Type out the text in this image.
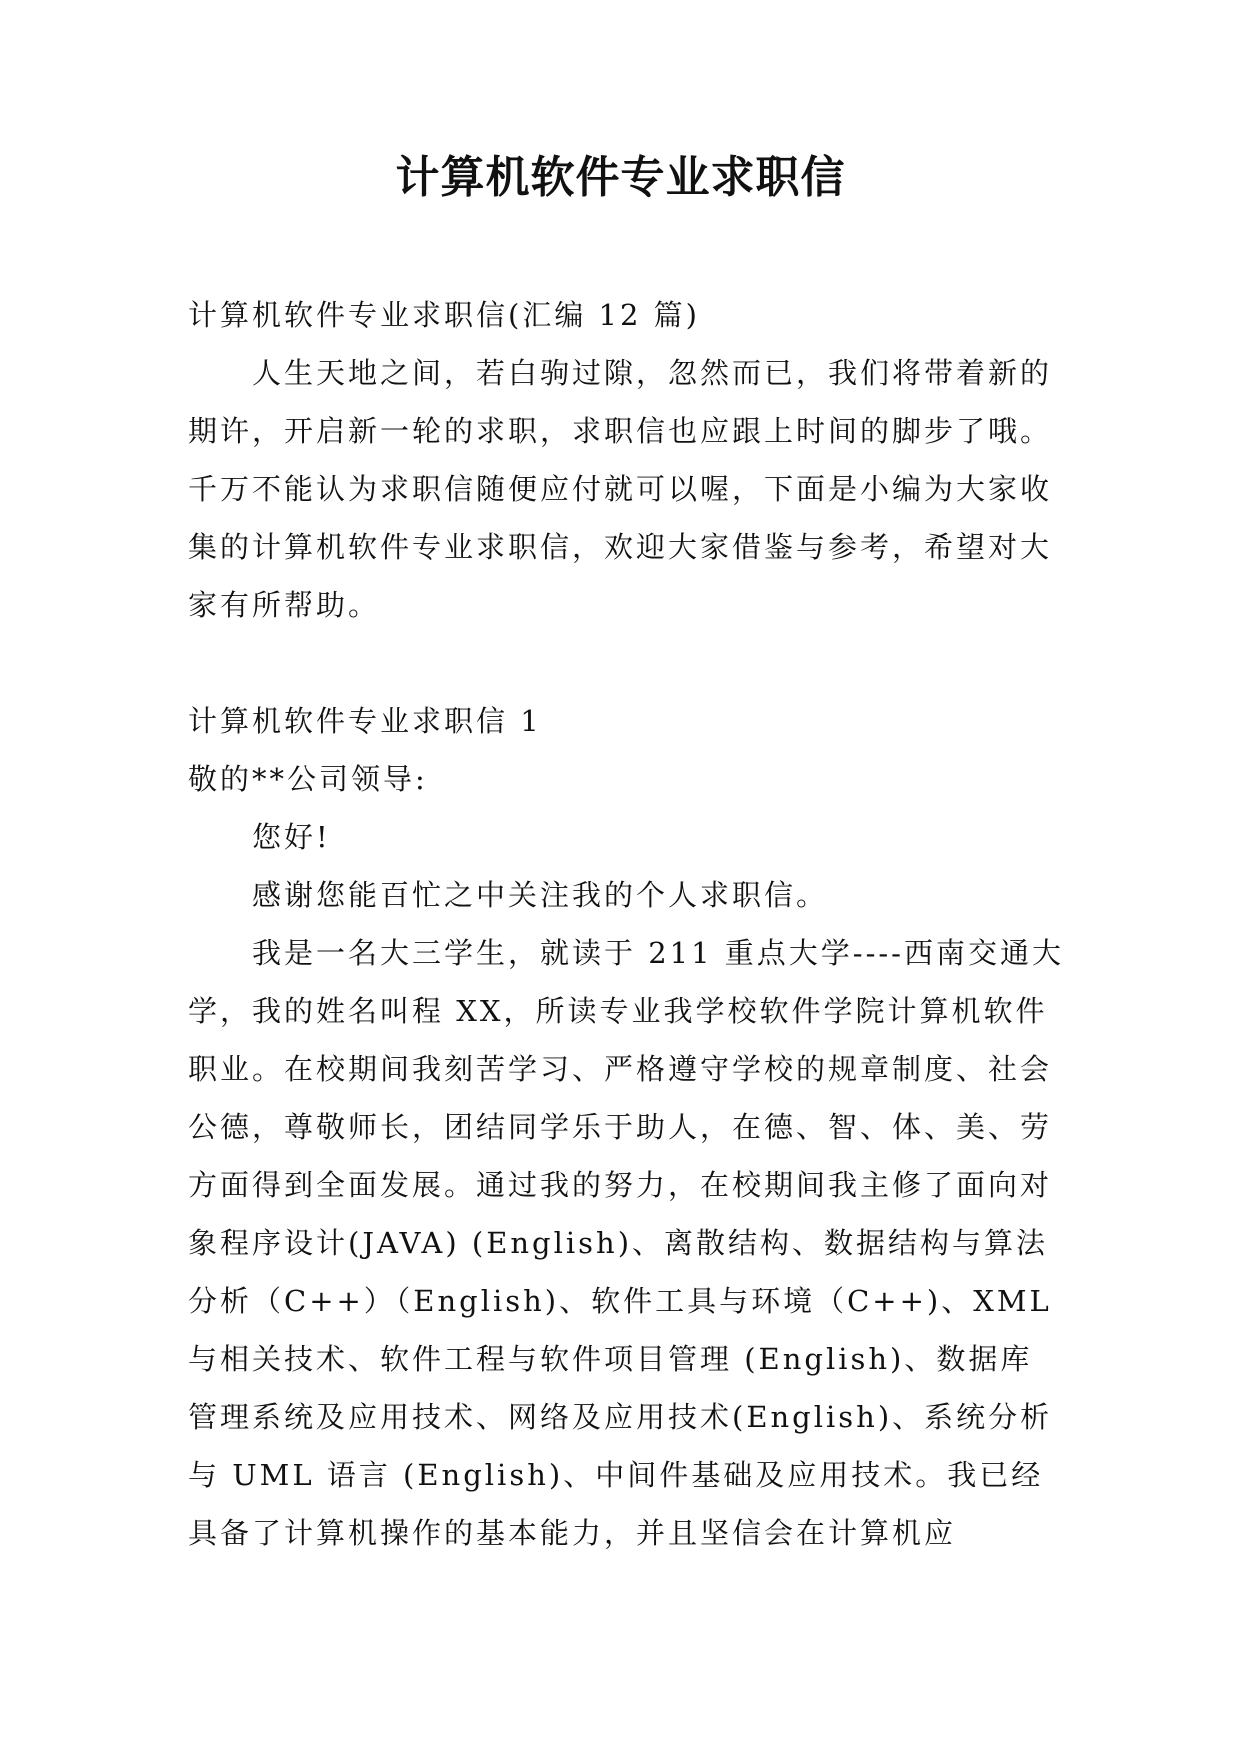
计算机软件专业求职信

计算机软件专业求职信(汇编 12 篇)

人生天地之间，若白驹过隙，忽然而已，我们将带着新的期许，开启新一轮的求职，求职信也应跟上时间的脚步了哦。千万不能认为求职信随便应付就可以喔，下面是小编为大家收集的计算机软件专业求职信，欢迎大家借鉴与参考，希望对大家有所帮助。

计算机软件专业求职信 1

敬的**公司领导:

您好!

感谢您能百忙之中关注我的个人求职信。

我是一名大三学生，就读于 211 重点大学----西南交通大学，我的姓名叫程 XX，所读专业我学校软件学院计算机软件职业。在校期间我刻苦学习、严格遵守学校的规章制度、社会公德，尊敬师长，团结同学乐于助人，在德、智、体、美、劳方面得到全面发展。通过我的努力，在校期间我主修了面向对象程序设计(JAVA) (English)、离散结构、数据结构与算法分析（C++）（English)、软件工具与环境（C++)、XML 与相关技术、软件工程与软件项目管理 (English)、数据库管理系统及应用技术、网络及应用技术(English)、系统分析与 UML 语言 (English)、中间件基础及应用技术。我已经具备了计算机操作的基本能力，并且坚信会在计算机应
